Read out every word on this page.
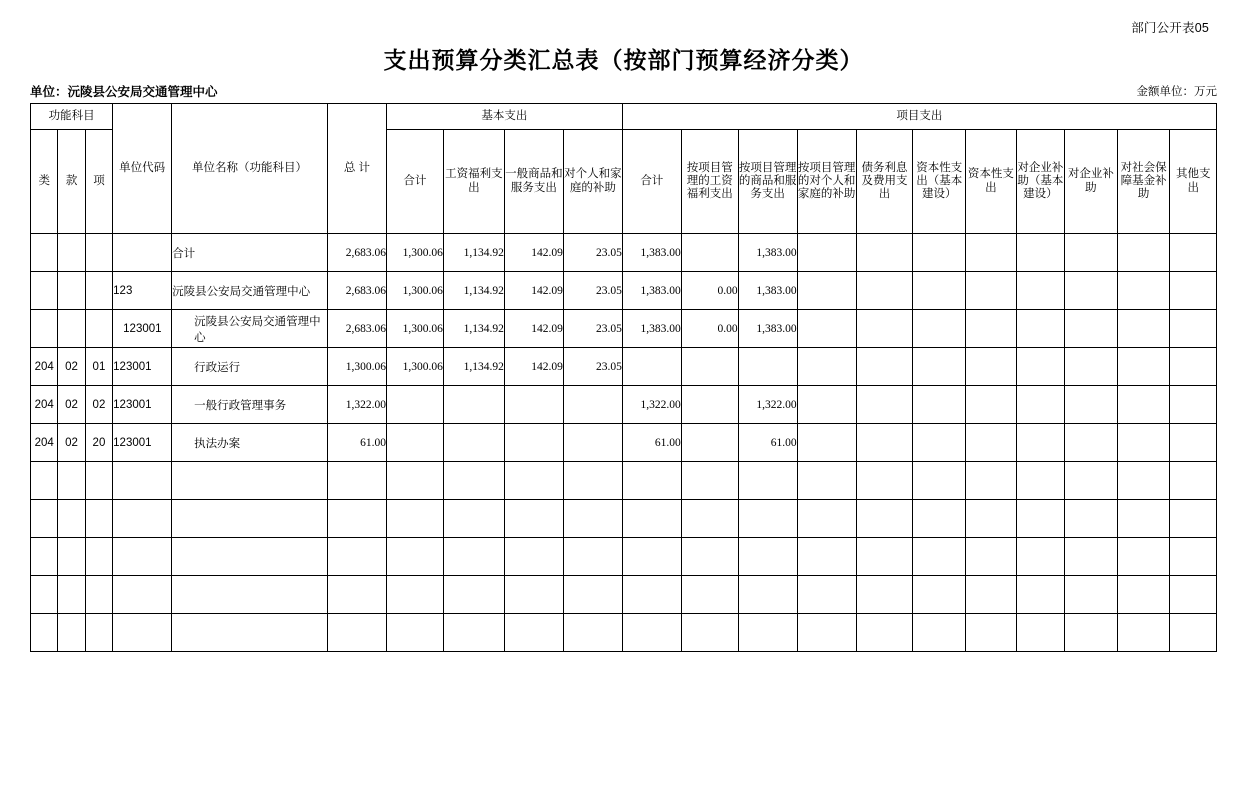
部门公开表05
支出预算分类汇总表（按部门预算经济分类）
单位：沅陵县公安局交通管理中心	金额单位：万元
功能科目			单位代码	单位名称（功能科目）	总 计	基本支出				项目支出										
类	款	项				合计	工资福利支出	一般商品和服务支出	对个人和家庭的补助	合计	按项目管理的工资福利支出	按项目管理的商品和服务支出	按项目管理的对个人和家庭的补助	债务利息及费用支出	资本性支出（基本建设）	资本性支出	对企业补助（基本建设）	对企业补助	对社会保障基金补助	其他支出
				合计	2,683.06	1,300.06	1,134.92	142.09	23.05	1,383.00		1,383.00								
			123	沅陵县公安局交通管理中心	2,683.06	1,300.06	1,134.92	142.09	23.05	1,383.00	0.00	1,383.00								
			123001	沅陵县公安局交通管理中心	2,683.06	1,300.06	1,134.92	142.09	23.05	1,383.00	0.00	1,383.00								
204	02	01	123001	行政运行	1,300.06	1,300.06	1,134.92	142.09	23.05											
204	02	02	123001	一般行政管理事务	1,322.00					1,322.00		1,322.00								
204	02	20	123001	执法办案	61.00					61.00		61.00								
